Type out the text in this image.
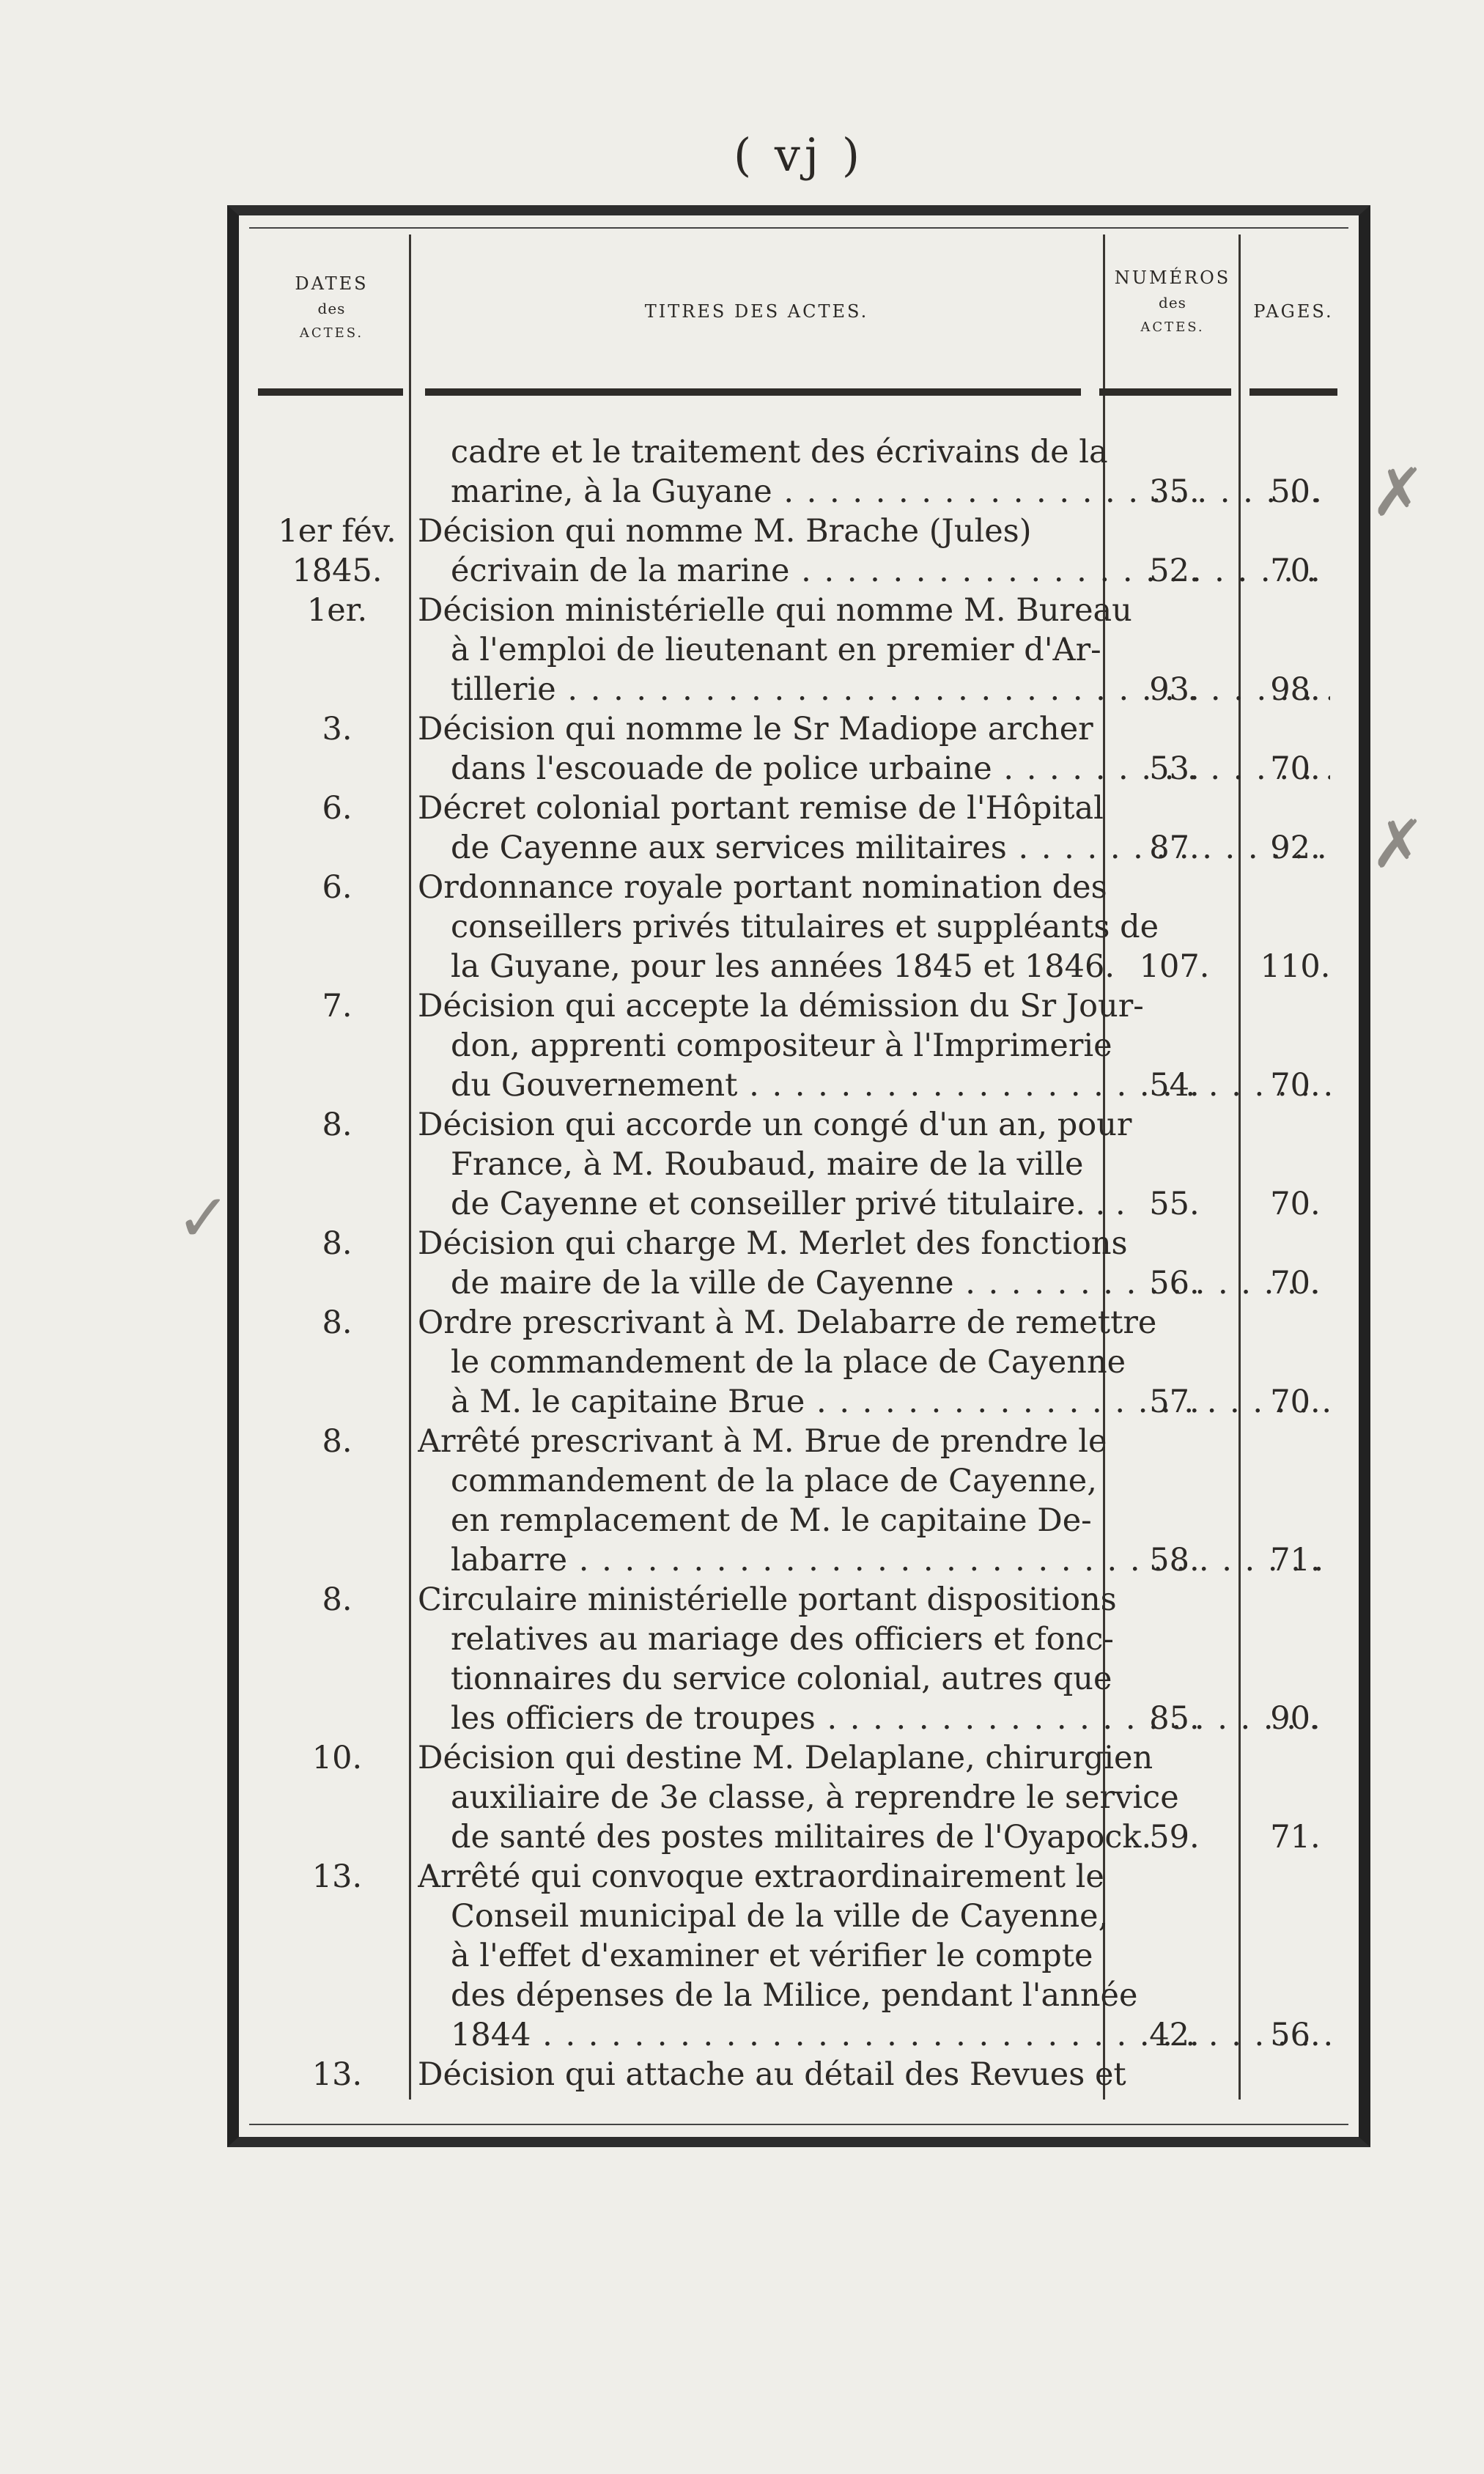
( vj )
DATES
des
ACTES.
TITRES DES ACTES.
NUMÉROS
des
ACTES.
PAGES.
cadre et le traitement des écrivains de la
marine, à la Guyane . . .	35.	50.
1er fév. Décision qui nomme M. Brache (Jules)
1845.	écrivain de la marine . . .	52.	70.
1er.	Décision ministérielle qui nomme M. Bureau
à l'emploi de lieutenant en premier d'Ar-
tillerie . . .	93.	98.
3.	Décision qui nomme le Sr Madiope archer
dans l'escouade de police urbaine . . .	53.	70.
6.	Décret colonial portant remise de l'Hôpital
de Cayenne aux services militaires . . .	87.	92.
6.	Ordonnance royale portant nomination des
conseillers privés titulaires et suppléants de
la Guyane, pour les années 1845 et 1846. 107.	110.
7.	Décision qui accepte la démission du Sr Jour-
don, apprenti compositeur à l'Imprimerie
du Gouvernement . . .	54.	70.
8.	Décision qui accorde un congé d'un an, pour
France, à M. Roubaud, maire de la ville
de Cayenne et conseiller privé titulaire. . . 55.	70.
8.	Décision qui charge M. Merlet des fonctions
de maire de la ville de Cayenne . . .	56.	70.
8.	Ordre prescrivant à M. Delabarre de remettre
le commandement de la place de Cayenne
à M. le capitaine Brue . . .	57.	70.
8.	Arrêté prescrivant à M. Brue de prendre le
commandement de la place de Cayenne,
en remplacement de M. le capitaine De-
labarre . . .	58.	71.
8.	Circulaire ministérielle portant dispositions
relatives au mariage des officiers et fonc-
tionnaires du service colonial, autres que
les officiers de troupes . . .	85.	90.
10.	Décision qui destine M. Delaplane, chirurgien
auxiliaire de 3e classe, à reprendre le service
de santé des postes militaires de l'Oyapock.
59.	71.
13.	Arrêté qui convoque extraordinairement le
Conseil municipal de la ville de Cayenne,
à l'effet d'examiner et vérifier le compte
des dépenses de la Milice, pendant l'année
1844 . . .	42.	56.
13.	Décision qui attache au détail des Revues et
✗
✗
✓
